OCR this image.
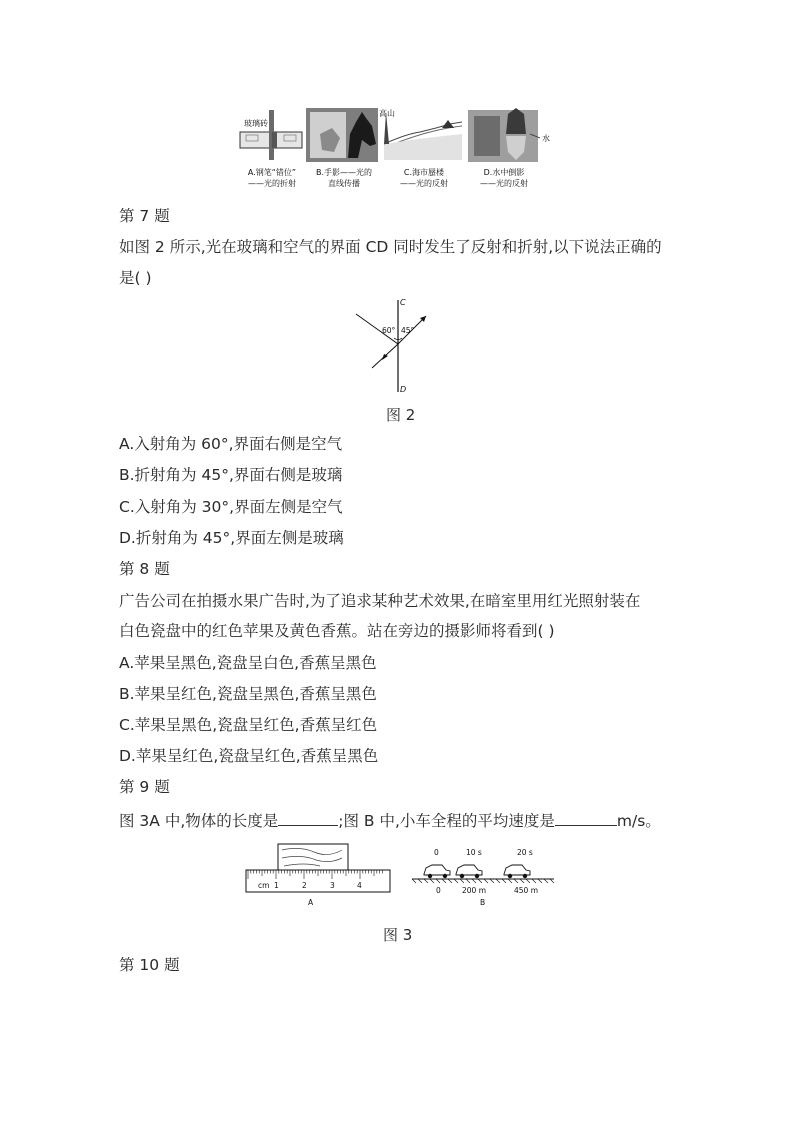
玻璃砖
高山
水
A.钢笔“错位”
——光的折射
B.手影——光的
直线传播
C.海市蜃楼
——光的反射
D.水中倒影
——光的反射
第 7 题
如图 2 所示,光在玻璃和空气的界面 CD 同时发生了反射和折射,以下说法正确的
是( )
C
D
60° 45°
图 2
A.入射角为 60°,界面右侧是空气
B.折射角为 45°,界面右侧是玻璃
C.入射角为 30°,界面左侧是空气
D.折射角为 45°,界面左侧是玻璃
第 8 题
广告公司在拍摄水果广告时,为了追求某种艺术效果,在暗室里用红光照射装在
白色瓷盘中的红色苹果及黄色香蕉。站在旁边的摄影师将看到( )
A.苹果呈黑色,瓷盘呈白色,香蕉呈黑色
B.苹果呈红色,瓷盘呈黑色,香蕉呈黑色
C.苹果呈黑色,瓷盘呈红色,香蕉呈红色
D.苹果呈红色,瓷盘呈红色,香蕉呈黑色
第 9 题
图 3A 中,物体的长度是	;图 B 中,小车全程的平均速度是	m/s。
cm 1	2	3	4
A
0	10 s	20 s
0	200 m	450 m
B
图 3
第 10 题
